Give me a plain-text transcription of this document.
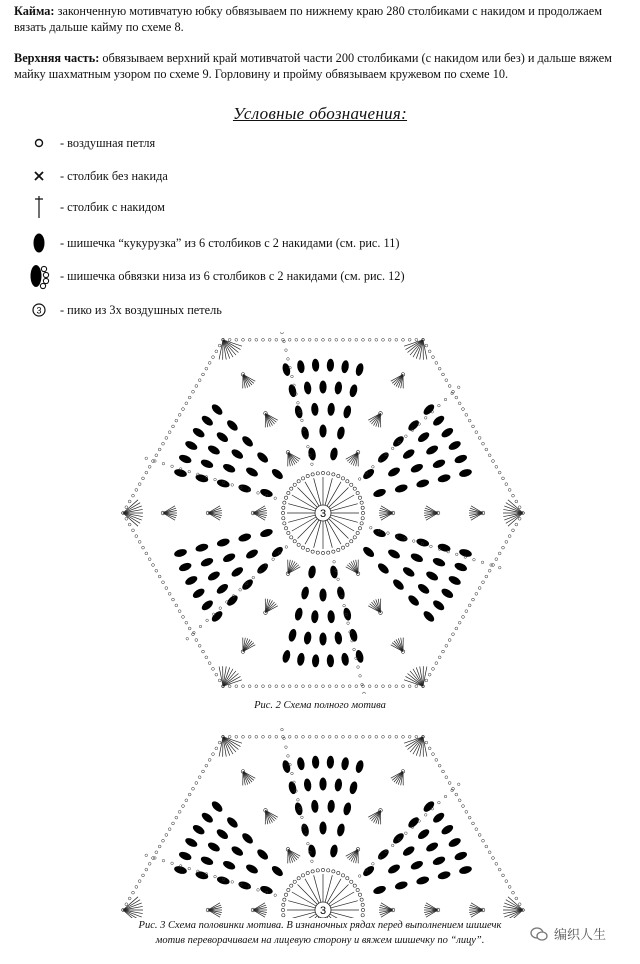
Кайма: законченную мотивчатую юбку обвязываем по нижнему краю 280 столбиками с накидом и продолжаем вязать дальше кайму по схеме 8.

Верхняя часть: обвязываем верхний край мотивчатой части 200 столбиками (с накидом или без) и дальше вяжем майку шахматным узором по схеме 9. Горловину и пройму обвязываем кружевом по схеме 10.

Условные обозначения:
- воздушная петля
- столбик без накида
- столбик с накидом
- шишечка “кукурузка” из 6 столбиков с 2 накидами (см. рис. 11)
- шишечка обвязки низа из 6 столбиков с 2 накидами (см. рис. 12)
3 - пико из 3х воздушных петель
3
Рис. 2 Схема полного мотива
3
Рис. 3 Схема половинки мотива. В изнаночных рядах перед выполнением шишечк
мотив переворачиваем на лицевую сторону и вяжем шишечку по “лицу”.	编织人生
